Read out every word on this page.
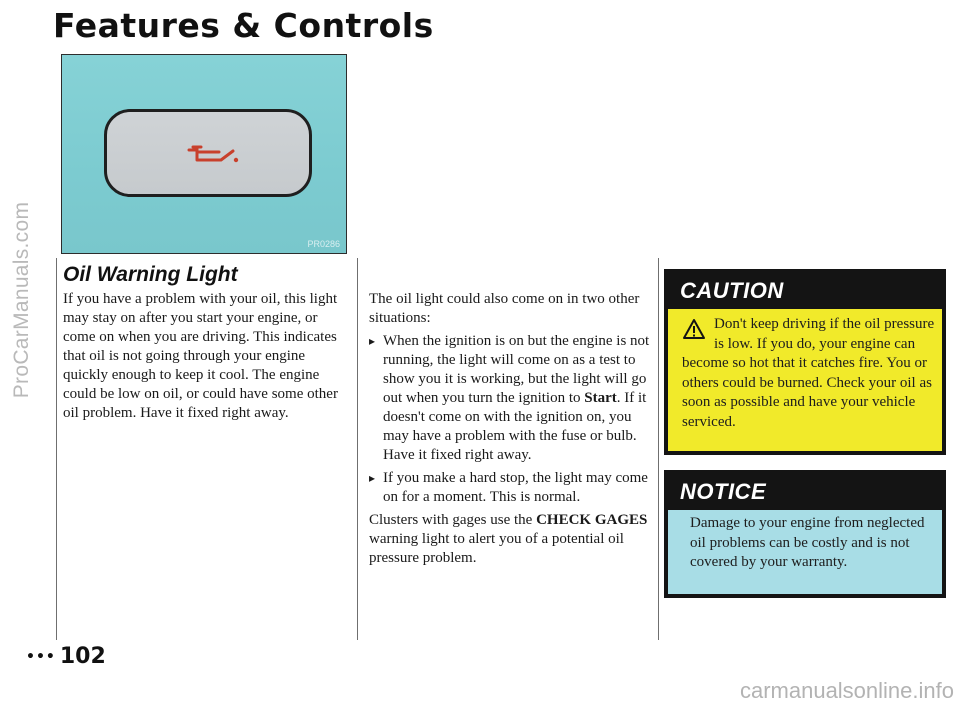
ProCarManuals.com
Features & Controls
PR0286
Oil Warning Light

If you have a problem with your oil, this light may stay on after you start your engine, or come on when you are driving. This indicates that oil is not going through your engine quickly enough to keep it cool. The engine could be low on oil, or could have some other oil problem. Have it fixed right away.

The oil light could also come on in two other situations:

▸ When the ignition is on but the engine is not running, the light will come on as a test to show you it is working, but the light will go out when you turn the ignition to Start. If it doesn't come on with the ignition on, you may have a problem with the fuse or bulb. Have it fixed right away.

▸ If you make a hard stop, the light may come on for a moment. This is normal.

Clusters with gages use the CHECK GAGES warning light to alert you of a potential oil pressure problem.

CAUTION
Don't keep driving if the oil pressure is low. If you do, your engine can become so hot that it catches fire. You or others could be burned. Check your oil as soon as possible and have your vehicle serviced.
NOTICE
Damage to your engine from neglected oil problems can be costly and is not covered by your warranty.
••• 102
carmanualsonline.info
